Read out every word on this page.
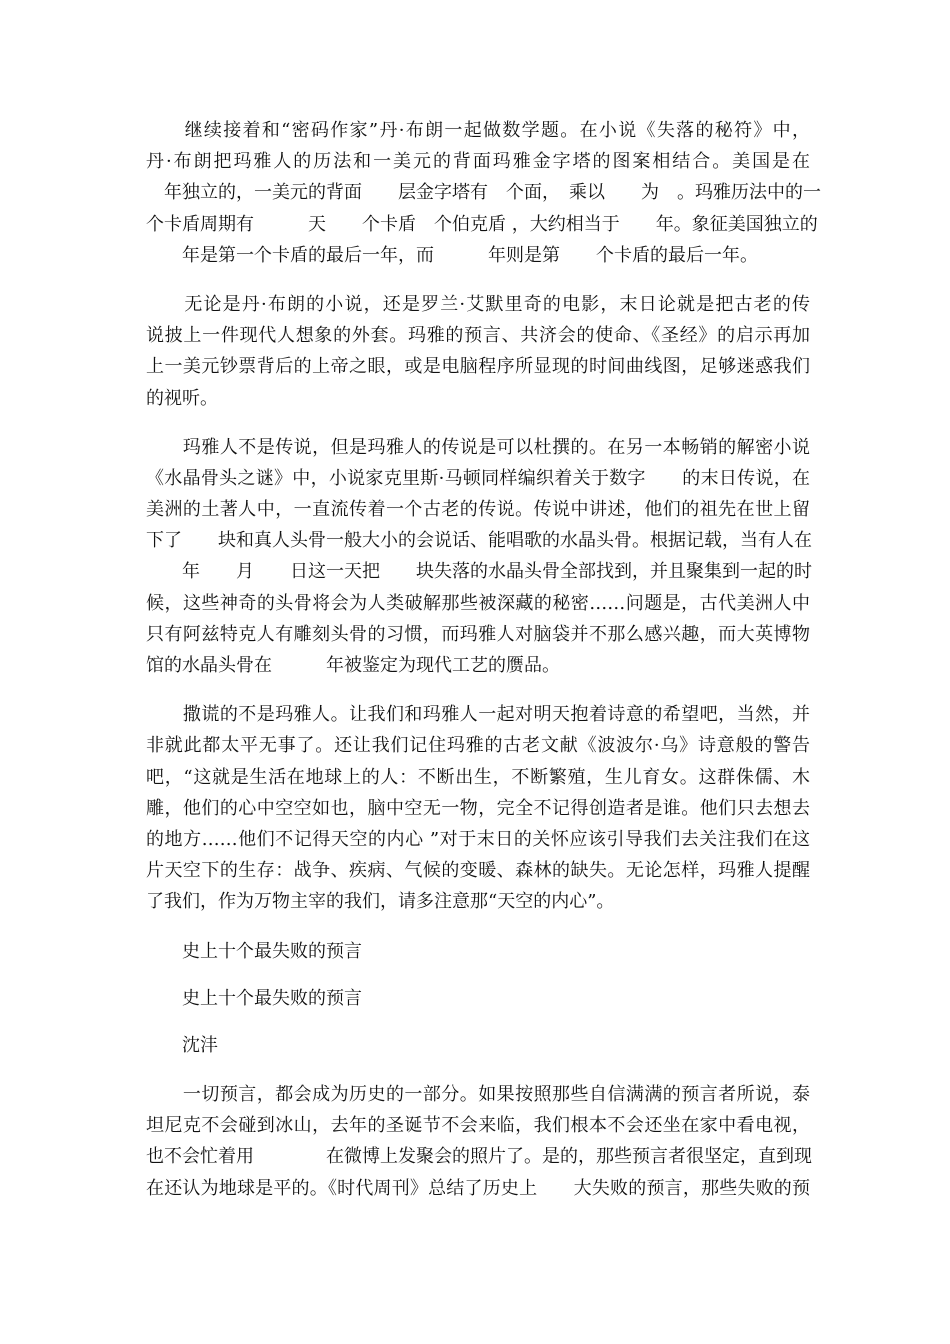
　　继续接着和“密码作家”丹·布朗一起做数学题。在小说《失落的秘符》中，
丹·布朗把玛雅人的历法和一美元的背面玛雅金字塔的图案相结合。美国是在
　年独立的，一美元的背面　　层金字塔有　个面，　乘以　　为　。玛雅历法中的一
个卡盾周期有　　　天　　个卡盾　个伯克盾 ，大约相当于　　年。象征美国独立的
　　年是第一个卡盾的最后一年，而　　　年则是第　　个卡盾的最后一年。
　　无论是丹·布朗的小说，还是罗兰·艾默里奇的电影，末日论就是把古老的传
说披上一件现代人想象的外套。玛雅的预言、共济会的使命、《圣经》的启示再加
上一美元钞票背后的上帝之眼，或是电脑程序所显现的时间曲线图，足够迷惑我们
的视听。
　　玛雅人不是传说，但是玛雅人的传说是可以杜撰的。在另一本畅销的解密小说
《水晶骨头之谜》中，小说家克里斯·马顿同样编织着关于数字　　的末日传说，在
美洲的土著人中，一直流传着一个古老的传说。传说中讲述，他们的祖先在世上留
下了　　块和真人头骨一般大小的会说话、能唱歌的水晶头骨。根据记载，当有人在
　　年　　月　　日这一天把　　块失落的水晶头骨全部找到，并且聚集到一起的时
候，这些神奇的头骨将会为人类破解那些被深藏的秘密……问题是，古代美洲人中
只有阿兹特克人有雕刻头骨的习惯，而玛雅人对脑袋并不那么感兴趣，而大英博物
馆的水晶头骨在　　　年被鉴定为现代工艺的赝品。
　　撒谎的不是玛雅人。让我们和玛雅人一起对明天抱着诗意的希望吧，当然，并
非就此都太平无事了。还让我们记住玛雅的古老文献《波波尔·乌》诗意般的警告
吧，“这就是生活在地球上的人：不断出生，不断繁殖，生儿育女。这群侏儒、木
雕，他们的心中空空如也，脑中空无一物，完全不记得创造者是谁。他们只去想去
的地方……他们不记得天空的内心 ”对于末日的关怀应该引导我们去关注我们在这
片天空下的生存：战争、疾病、气候的变暖、森林的缺失。无论怎样，玛雅人提醒
了我们，作为万物主宰的我们，请多注意那“天空的内心”。
　　史上十个最失败的预言
　　史上十个最失败的预言
　　沈沣
　　一切预言，都会成为历史的一部分。如果按照那些自信满满的预言者所说，泰
坦尼克不会碰到冰山，去年的圣诞节不会来临，我们根本不会还坐在家中看电视，
也不会忙着用　　　　在微博上发聚会的照片了。是的，那些预言者很坚定，直到现
在还认为地球是平的。《时代周刊》总结了历史上　　大失败的预言，那些失败的预
